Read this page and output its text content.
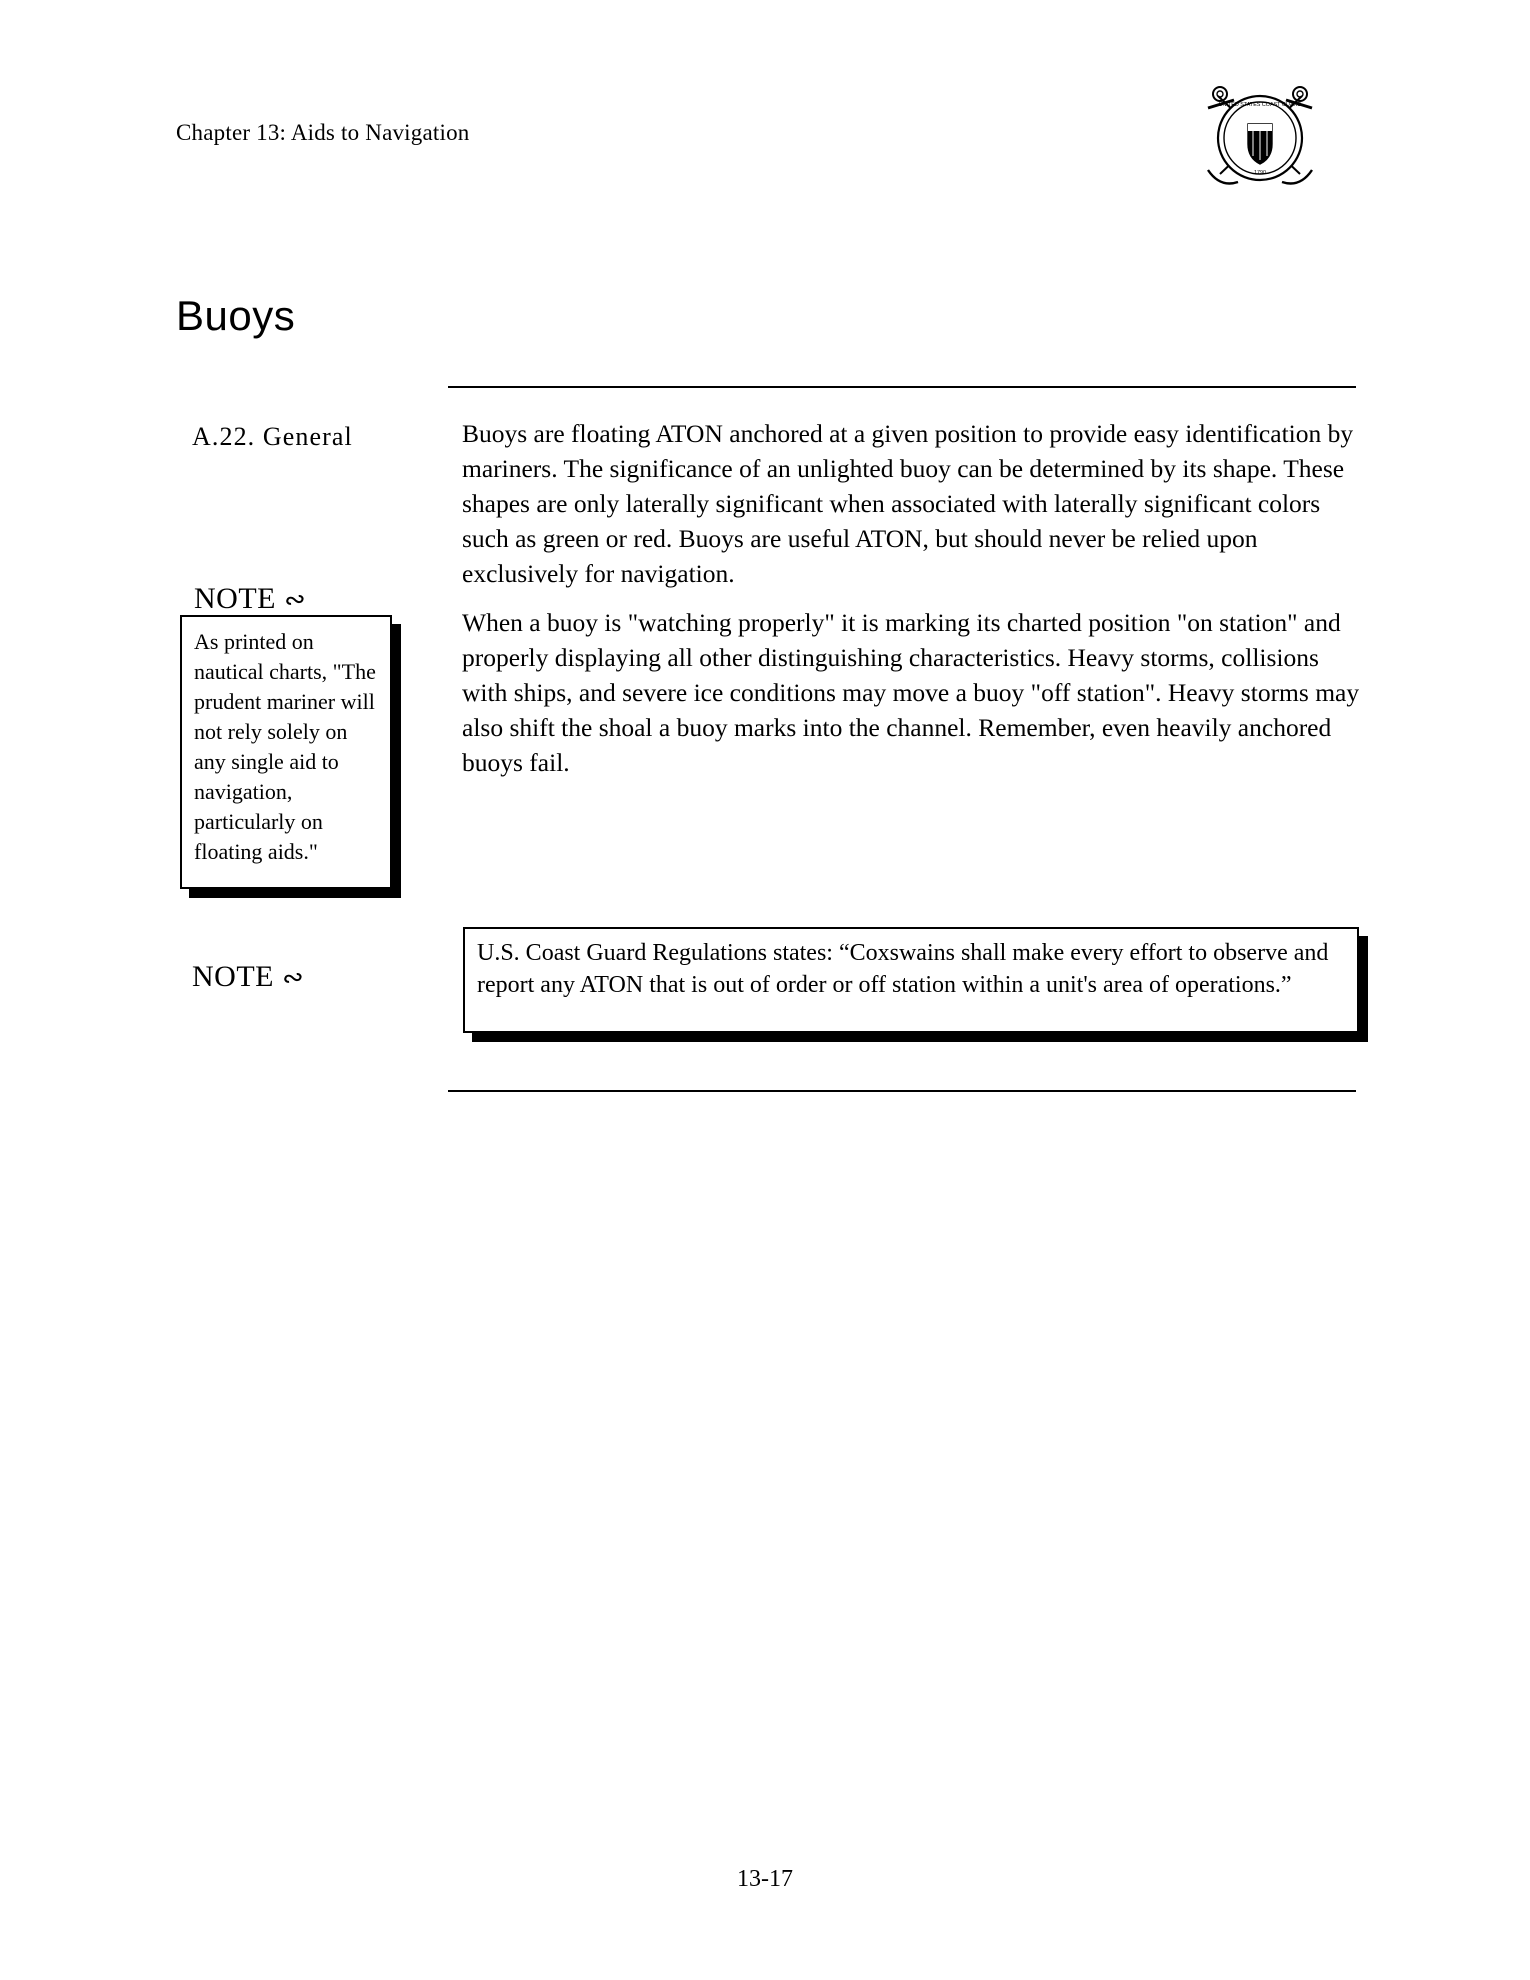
Chapter 13: Aids to Navigation
UNITED STATES COAST GUARD
1790
Buoys
A.22. General	Buoys are floating ATON anchored at a given position to provide easy identification by mariners. The significance of an unlighted buoy can be determined by its shape. These shapes are only laterally significant when associated with laterally significant colors such as green or red. Buoys are useful ATON, but should never be relied upon exclusively for navigation.
When a buoy is "watching properly" it is marking its charted position "on station" and properly displaying all other distinguishing characteristics. Heavy storms, collisions with ships, and severe ice conditions may move a buoy "off station". Heavy storms may also shift the shoal a buoy marks into the channel. Remember, even heavily anchored buoys fail.
NOTE ∾
As printed on nautical charts, "The prudent mariner will not rely solely on any single aid to navigation, particularly on floating aids."
NOTE ∾
U.S. Coast Guard Regulations states: “Coxswains shall make every effort to observe and report any ATON that is out of order or off station within a unit's area of operations.”
13-17
